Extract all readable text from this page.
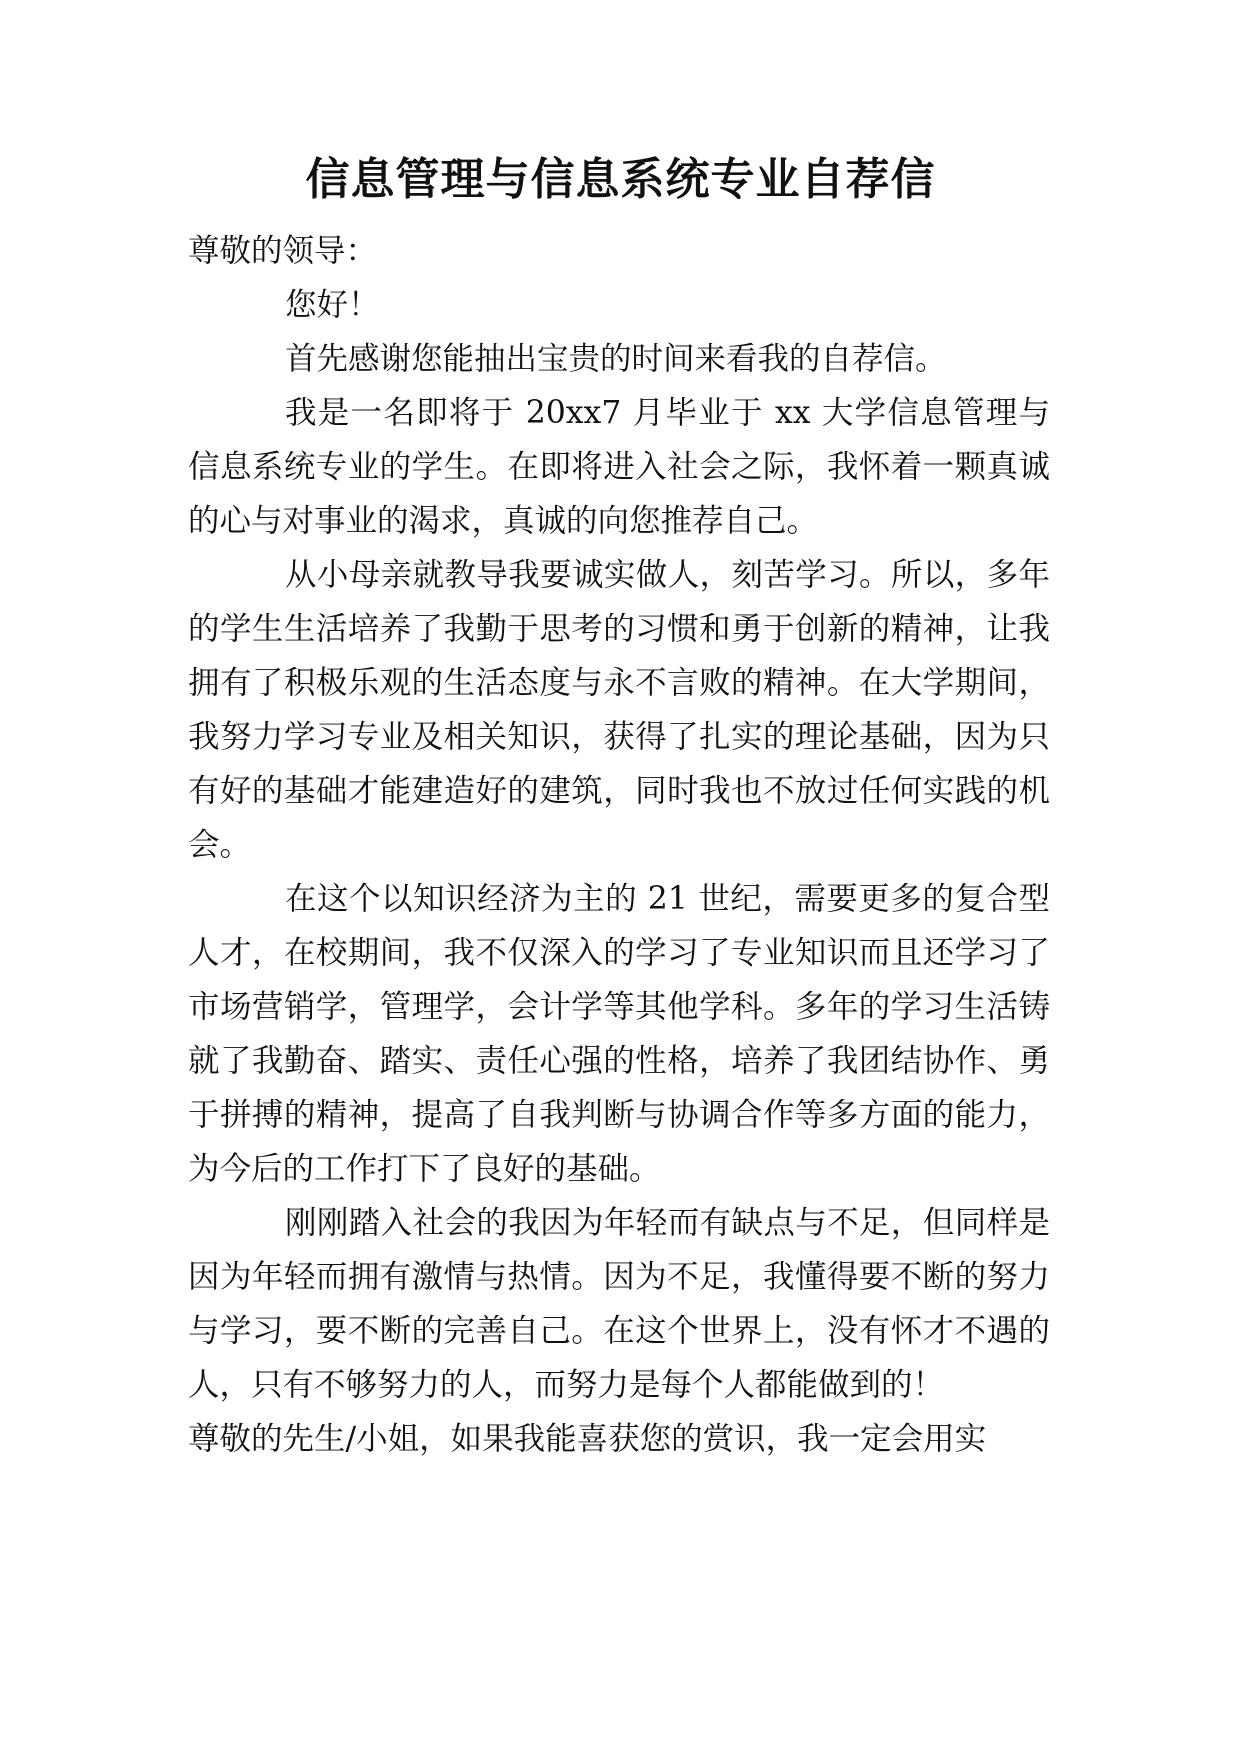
信息管理与信息系统专业自荐信

尊敬的领导：

您好！

首先感谢您能抽出宝贵的时间来看我的自荐信。

我是一名即将于 20xx7 月毕业于 xx 大学信息管理与信息系统专业的学生。在即将进入社会之际，我怀着一颗真诚的心与对事业的渴求，真诚的向您推荐自己。

从小母亲就教导我要诚实做人，刻苦学习。所以，多年的学生生活培养了我勤于思考的习惯和勇于创新的精神，让我拥有了积极乐观的生活态度与永不言败的精神。在大学期间，我努力学习专业及相关知识，获得了扎实的理论基础，因为只有好的基础才能建造好的建筑，同时我也不放过任何实践的机会。

在这个以知识经济为主的 21 世纪，需要更多的复合型人才，在校期间，我不仅深入的学习了专业知识而且还学习了市场营销学，管理学，会计学等其他学科。多年的学习生活铸就了我勤奋、踏实、责任心强的性格，培养了我团结协作、勇于拼搏的精神，提高了自我判断与协调合作等多方面的能力，为今后的工作打下了良好的基础。

刚刚踏入社会的我因为年轻而有缺点与不足，但同样是因为年轻而拥有激情与热情。因为不足，我懂得要不断的努力与学习，要不断的完善自己。在这个世界上，没有怀才不遇的人，只有不够努力的人，而努力是每个人都能做到的！

尊敬的先生/小姐，如果我能喜获您的赏识，我一定会用实
